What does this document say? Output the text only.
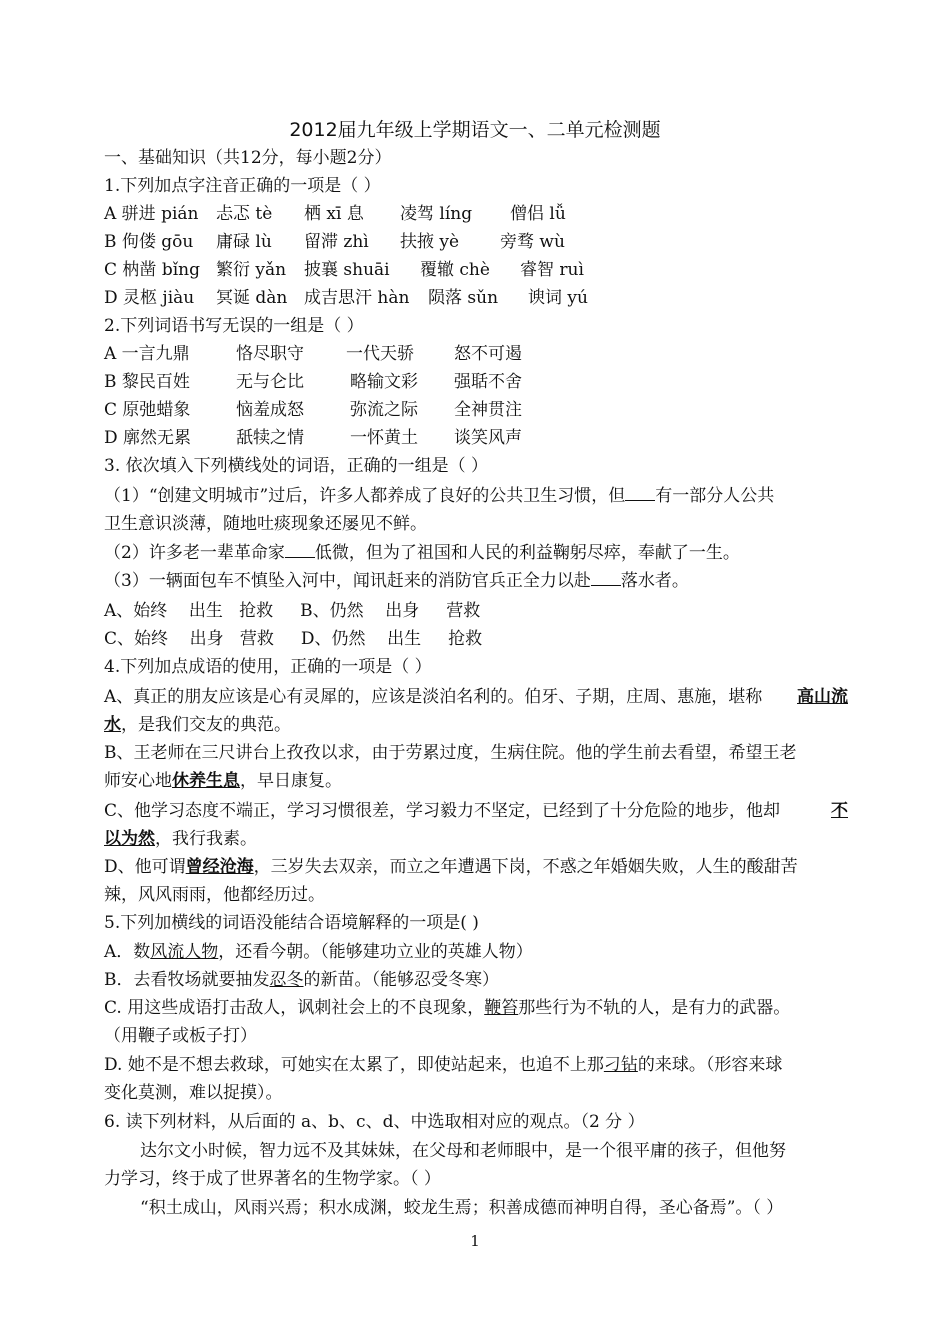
2012届九年级上学期语文一、二单元检测题
一、基础知识（共12分，每小题2分）
1.下列加点字注音正确的一项是（ ）
A 骈进 pián 忐忑 tè 栖 xī 息 凌驾 líng 僧侣 lǚ
B 佝偻 gōu 庸碌 lù 留滞 zhì 扶掖 yè 旁骛 wù
C 枘凿 bǐng 繁衍 yǎn 披襄 shuāi 覆辙 chè 睿智 ruì
D 灵柩 jiàu 冥诞 dàn 成吉思汗 hàn 陨落 sǔn 谀词 yú
2.下列词语书写无误的一组是（ ）
A 一言九鼎	恪尽职守 一代天骄 怒不可遏
B 黎民百姓	无与仑比	略输文彩 强聒不舍
C 原弛蜡象	恼羞成怒	弥流之际 全神贯注
D 廓然无累	舐犊之情	一怀黄土 谈笑风声
3. 依次填入下列横线处的词语，正确的一组是（ ）
（1）“创建文明城市”过后，许多人都养成了良好的公共卫生习惯，但 有一部分人公共
卫生意识淡薄，随地吐痰现象还屡见不鲜。
（2）许多老一辈革命家 低微，但为了祖国和人民的利益鞠躬尽瘁，奉献了一生。
（3）一辆面包车不慎坠入河中，闻讯赶来的消防官兵正全力以赴 落水者。
A、始终    出生   抢救     B、仍然    出身     营救
C、始终    出身   营救     D、仍然    出生     抢救
4.下列加点成语的使用，正确的一项是（ ）
A、真正的朋友应该是心有灵犀的，应该是淡泊名利的。伯牙、子期，庄周、惠施，堪称 高山流
水，是我们交友的典范。
B、王老师在三尺讲台上孜孜以求，由于劳累过度，生病住院。他的学生前去看望，希望王老
师安心地休养生息，早日康复。
C、他学习态度不端正，学习习惯很差，学习毅力不坚定，已经到了十分危险的地步，他却	不
以为然，我行我素。
D、他可谓曾经沧海，三岁失去双亲，而立之年遭遇下岗，不惑之年婚姻失败，人生的酸甜苦
辣，风风雨雨，他都经历过。
5.下列加横线的词语没能结合语境解释的一项是( )
A．数风流人物，还看今朝。（能够建功立业的英雄人物）
B．去看牧场就要抽发忍冬的新苗。（能够忍受冬寒）
C. 用这些成语打击敌人，讽刺社会上的不良现象，鞭笞那些行为不轨的人，是有力的武器。
（用鞭子或板子打）
D. 她不是不想去救球，可她实在太累了，即使站起来，也追不上那刁钻的来球。（形容来球
变化莫测，难以捉摸）。
6. 读下列材料，从后面的 a、b、c、d、中选取相对应的观点。（2 分 ）
达尔文小时候，智力远不及其妹妹，在父母和老师眼中，是一个很平庸的孩子，但他努
力学习，终于成了世界著名的生物学家。（ ）
“积土成山，风雨兴焉；积水成渊，蛟龙生焉；积善成德而神明自得，圣心备焉”。（ ）
1
